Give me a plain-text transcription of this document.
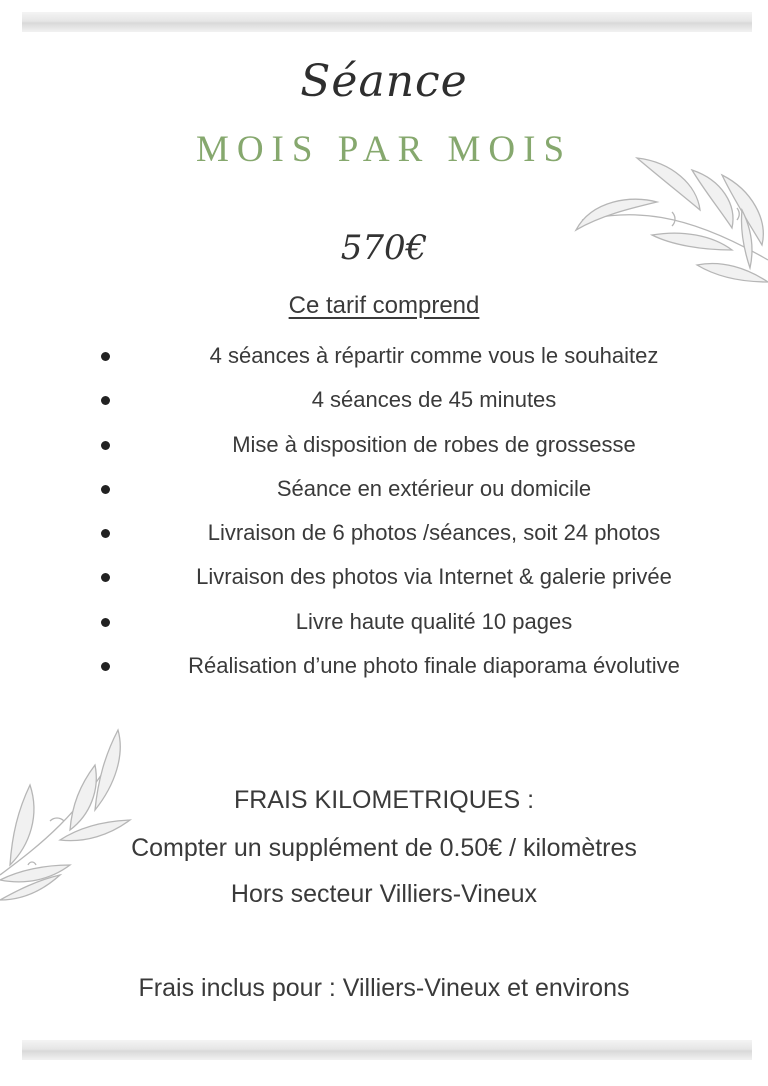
Séance
MOIS PAR MOIS
570€
Ce tarif comprend
4 séances à répartir comme vous le souhaitez
4 séances de 45 minutes
Mise à disposition de robes de grossesse
Séance en extérieur ou domicile
Livraison de 6 photos /séances, soit 24 photos
Livraison des photos via Internet & galerie privée
Livre haute qualité 10 pages
Réalisation d’une photo finale diaporama évolutive
FRAIS KILOMETRIQUES :
Compter un supplément de 0.50€ / kilomètres
Hors secteur Villiers-Vineux
Frais inclus pour : Villiers-Vineux et environs
